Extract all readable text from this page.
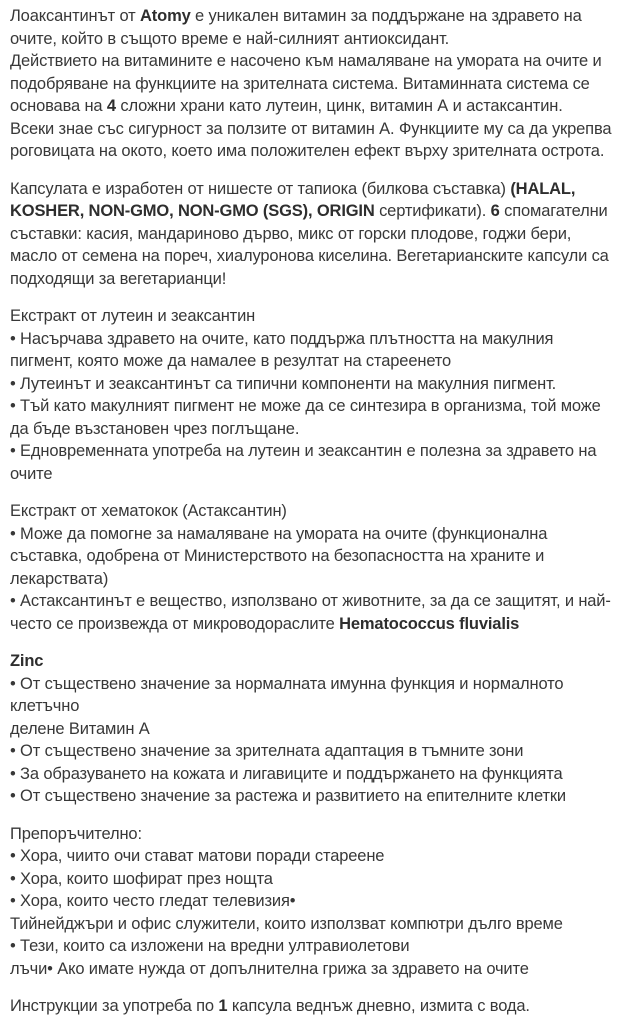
Лоаксантинът от Atomy е уникален витамин за поддържане на здравето на
очите, който в същото време е най-силният антиоксидант.
Действието на витамините е насочено към намаляване на умората на очите и
подобряване на функциите на зрителната система. Витаминната система се
основава на 4 сложни храни като лутеин, цинк, витамин А и астаксантин.
Всеки знае със сигурност за ползите от витамин А. Функциите му са да укрепва
роговицата на окото, което има положителен ефект върху зрителната острота.
Капсулата е изработен от нишесте от тапиока (билкова съставка) (HALAL,
KOSHER, NON-GMO, NON-GMO (SGS), ORIGIN сертификати). 6 спомагателни
съставки: касия, мандариново дърво, микс от горски плодове, годжи бери,
масло от семена на пореч, хиалуронова киселина. Вегетарианските капсули са
подходящи за вегетарианци!
Екстракт от лутеин и зеаксантин
• Насърчава здравето на очите, като поддържа плътността на макулния
пигмент, която може да намалее в резултат на стареенето
• Лутеинът и зеаксантинът са типични компоненти на макулния пигмент.
• Тъй като макулният пигмент не може да се синтезира в организма, той може
да бъде възстановен чрез поглъщане.
• Едновременната употреба на лутеин и зеаксантин е полезна за здравето на
очите
Екстракт от хематокок (Астаксантин)
• Може да помогне за намаляване на умората на очите (функционална
съставка, одобрена от Министерството на безопасността на храните и
лекарствата)
• Астаксантинът е вещество, използвано от животните, за да се защитят, и най-
често се произвежда от микроводораслите Hematococcus fluvialis
Zinc
• От съществено значение за нормалната имунна функция и нормалното
клетъчно
делене Витамин А
• От съществено значение за зрителната адаптация в тъмните зони
• За образуването на кожата и лигавиците и поддържането на функцията
• От съществено значение за растежа и развитието на епителните клетки
Препоръчително:
• Хора, чиито очи стават матови поради стареене
• Хора, които шофират през нощта
• Хора, които често гледат телевизия•
Тийнейджъри и офис служители, които използват компютри дълго време
• Тези, които са изложени на вредни ултравиолетови
лъчи• Ако имате нужда от допълнителна грижа за здравето на очите
Инструкции за употреба по 1 капсула веднъж дневно, измита с вода.
